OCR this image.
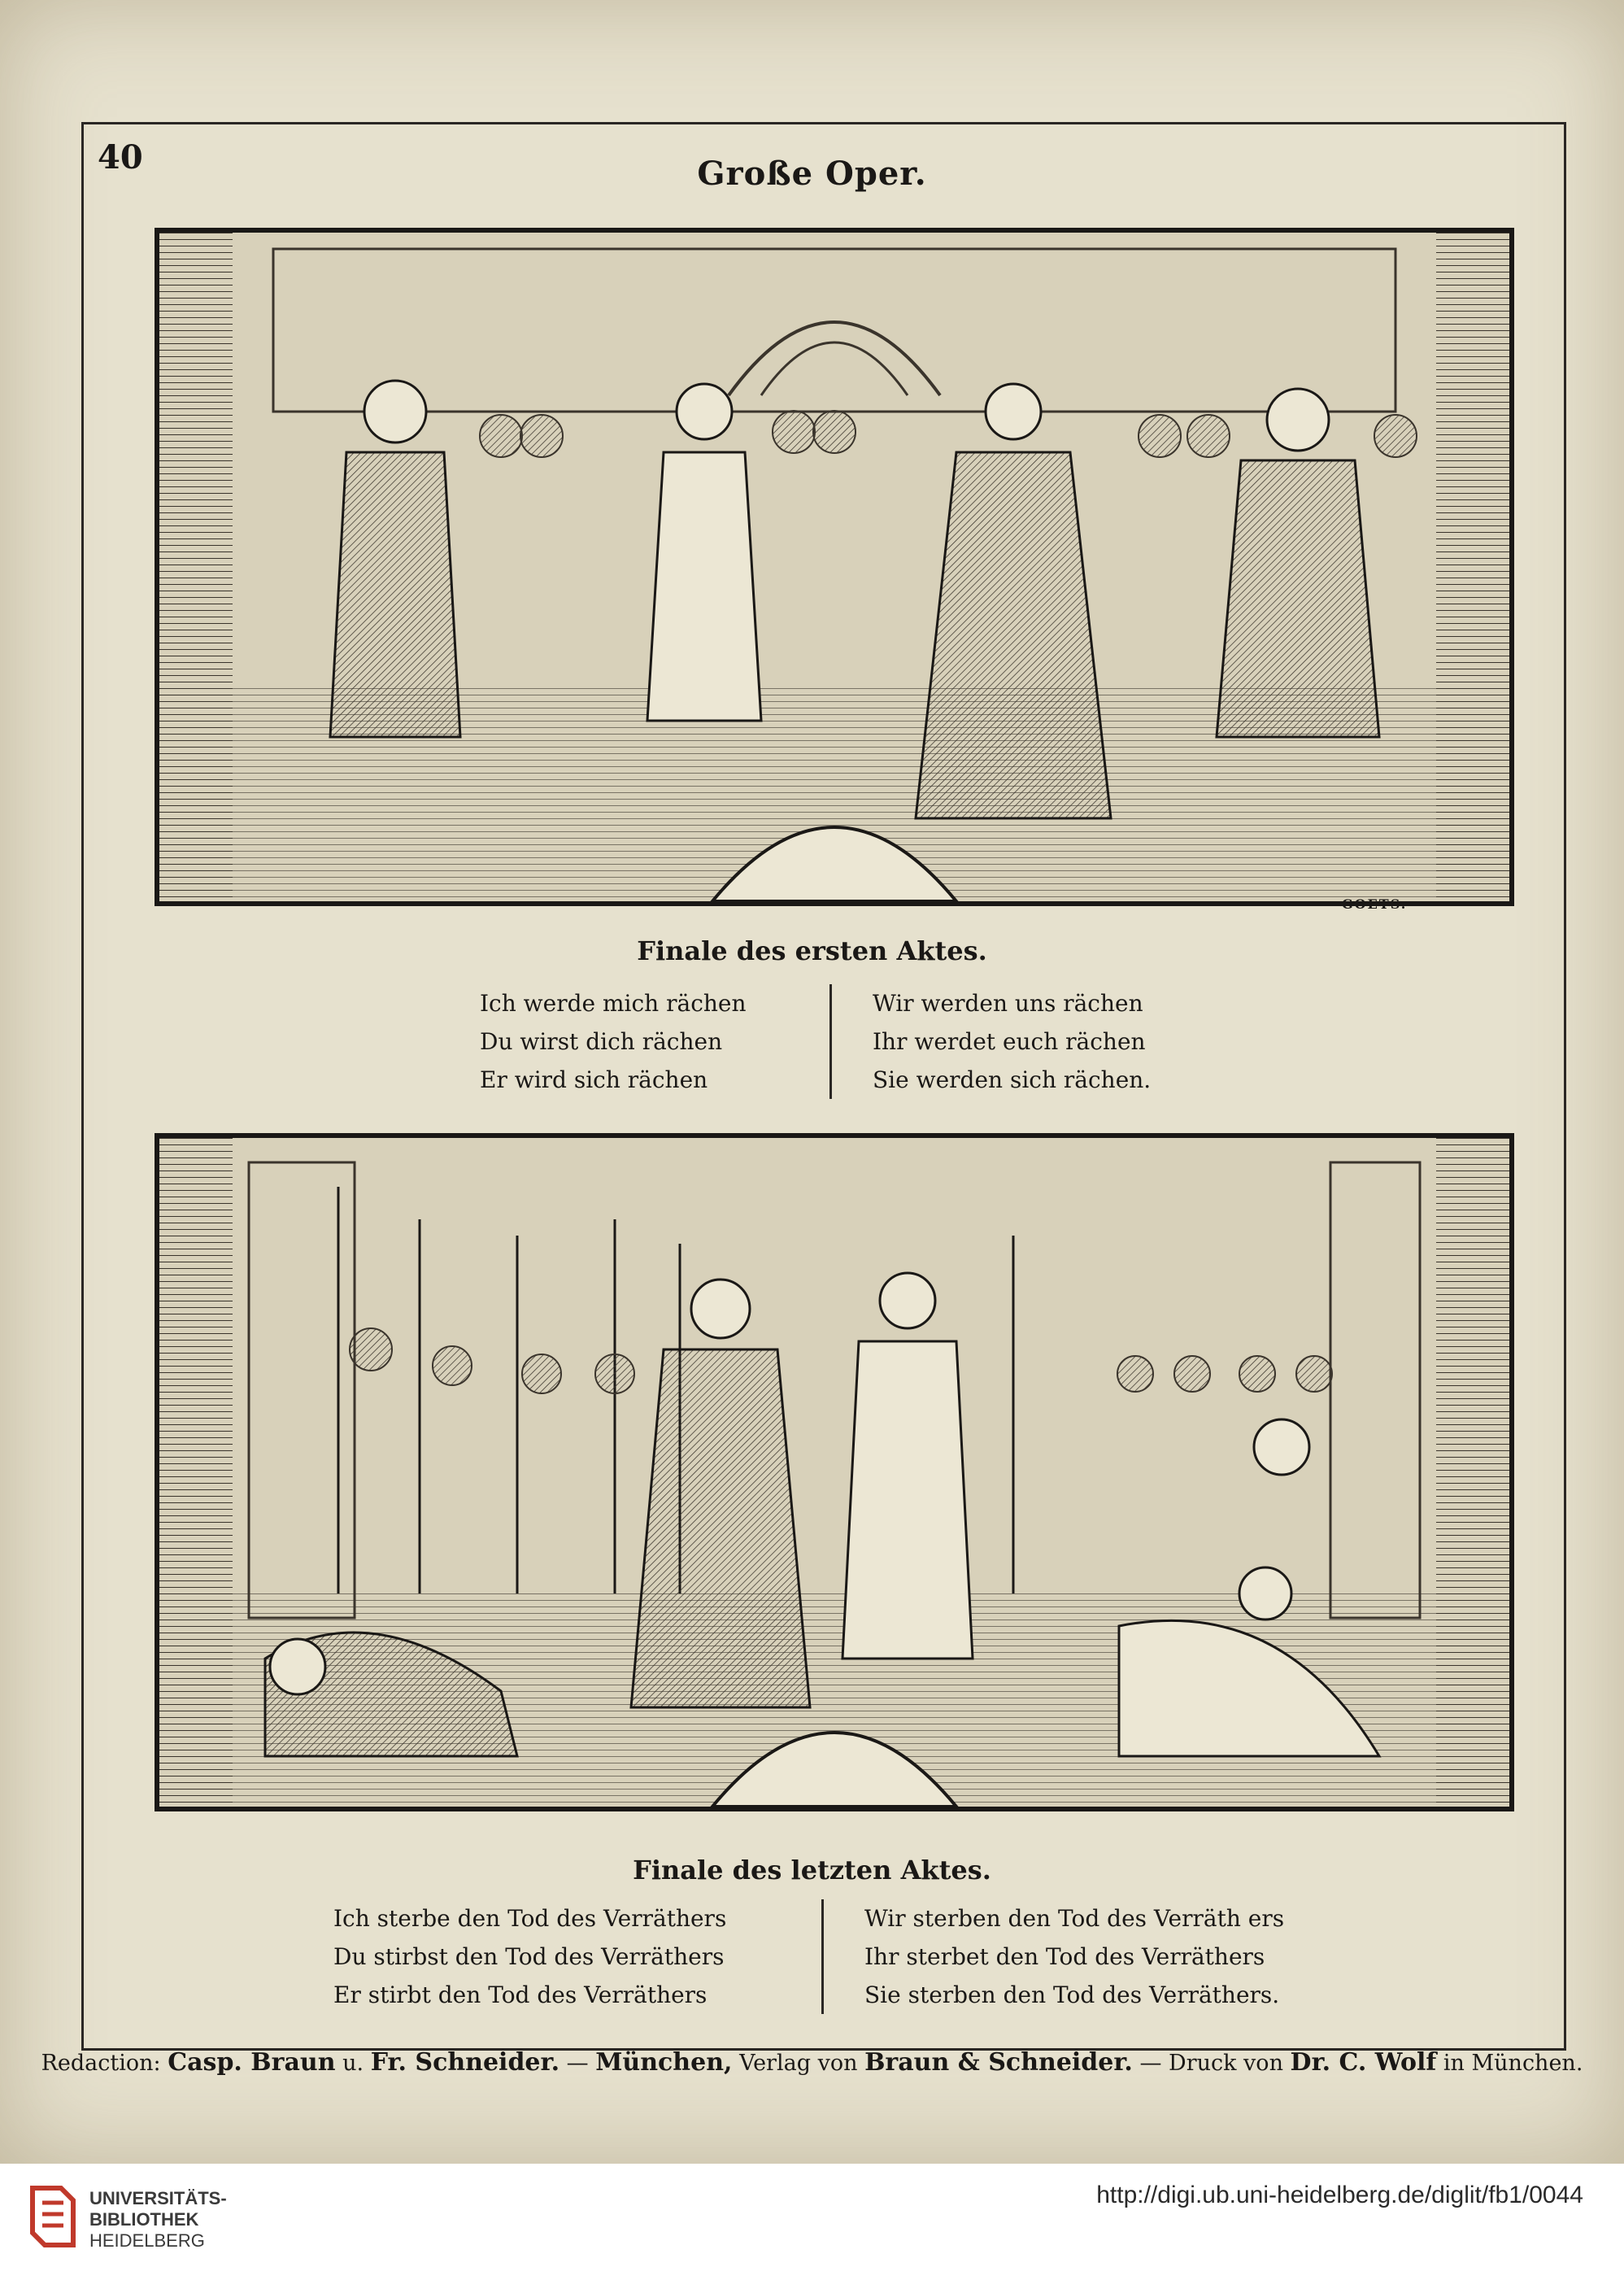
40	Große Oper.
GOETS.
Finale des ersten Aktes.
Ich werde mich rächen
Du wirst dich rächen
Er wird sich rächen
Wir werden uns rächen
Ihr werdet euch rächen
Sie werden sich rächen.
Finale des letzten Aktes.
Ich sterbe den Tod des Verräthers
Du stirbst den Tod des Verräthers
Er stirbt den Tod des Verräthers
Wir sterben den Tod des Verräth ers
Ihr sterbet den Tod des Verräthers
Sie sterben den Tod des Verräthers.
Redaction: Casp. Braun u. Fr. Schneider. — München, Verlag von Braun & Schneider. — Druck von Dr. C. Wolf in München.
UNIVERSITÄTS-
BIBLIOTHEK
HEIDELBERG
http://digi.ub.uni-heidelberg.de/diglit/fb1/0044
